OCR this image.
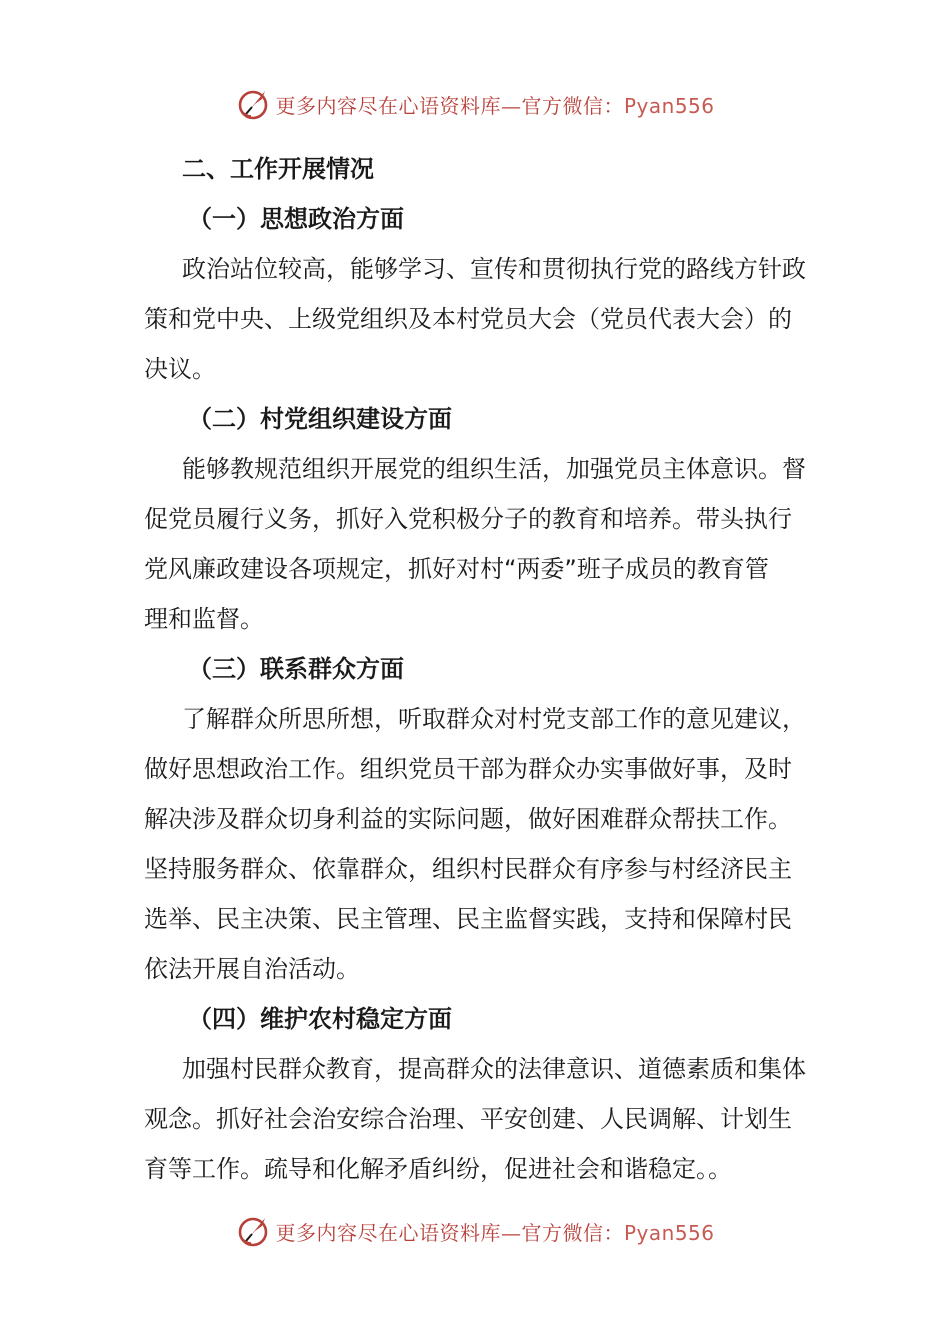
更多内容尽在心语资料库—官方微信：Pyan556
二、工作开展情况
（一）思想政治方面
政治站位较高，能够学习、宣传和贯彻执行党的路线方针政
策和党中央、上级党组织及本村党员大会（党员代表大会）的
决议。
（二）村党组织建设方面
能够教规范组织开展党的组织生活，加强党员主体意识。督
促党员履行义务，抓好入党积极分子的教育和培养。带头执行
党风廉政建设各项规定，抓好对村“两委”班子成员的教育管
理和监督。
（三）联系群众方面
了解群众所思所想，听取群众对村党支部工作的意见建议，
做好思想政治工作。组织党员干部为群众办实事做好事，及时
解决涉及群众切身利益的实际问题，做好困难群众帮扶工作。
坚持服务群众、依靠群众，组织村民群众有序参与村经济民主
选举、民主决策、民主管理、民主监督实践，支持和保障村民
依法开展自治活动。
（四）维护农村稳定方面
加强村民群众教育，提高群众的法律意识、道德素质和集体
观念。抓好社会治安综合治理、平安创建、人民调解、计划生
育等工作。疏导和化解矛盾纠纷，促进社会和谐稳定。。
更多内容尽在心语资料库—官方微信：Pyan556
